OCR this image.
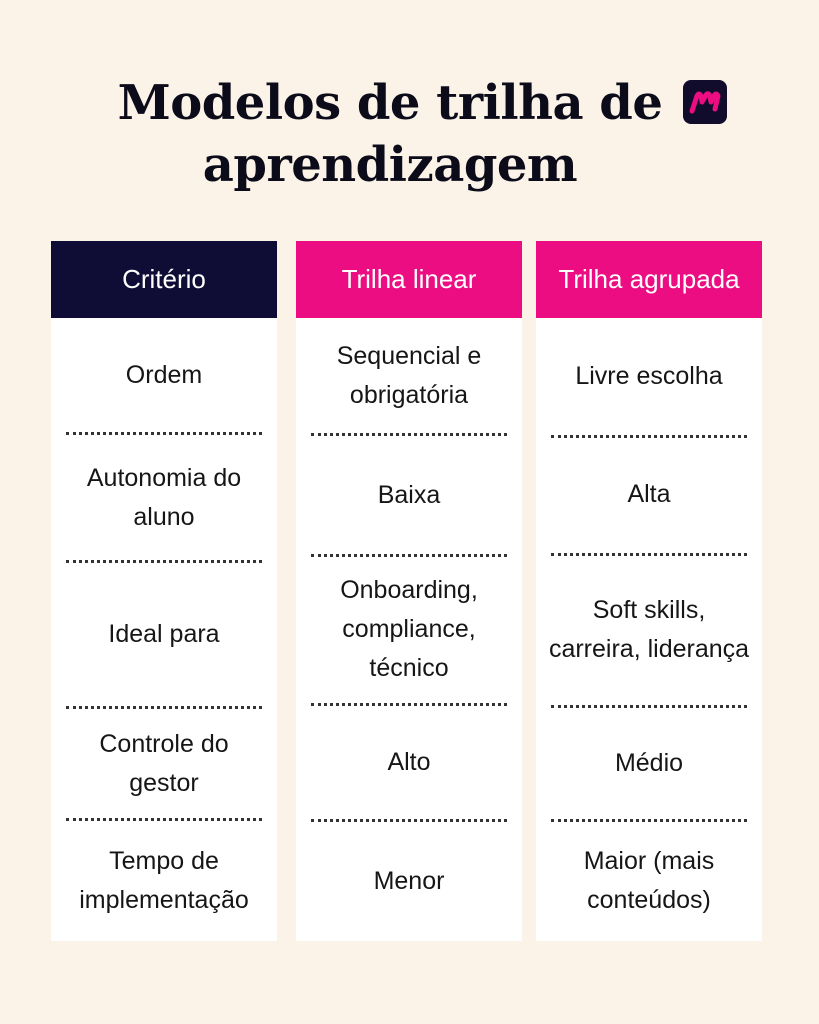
Modelos de trilha de aprendizagem
Critério
Ordem
Autonomia do aluno
Ideal para
Controle do gestor
Tempo de implementação
Trilha linear
Sequencial e obrigatória
Baixa
Onboarding, compliance, técnico
Alto
Menor
Trilha agrupada
Livre escolha
Alta
Soft skills, carreira, liderança
Médio
Maior (mais conteúdos)
